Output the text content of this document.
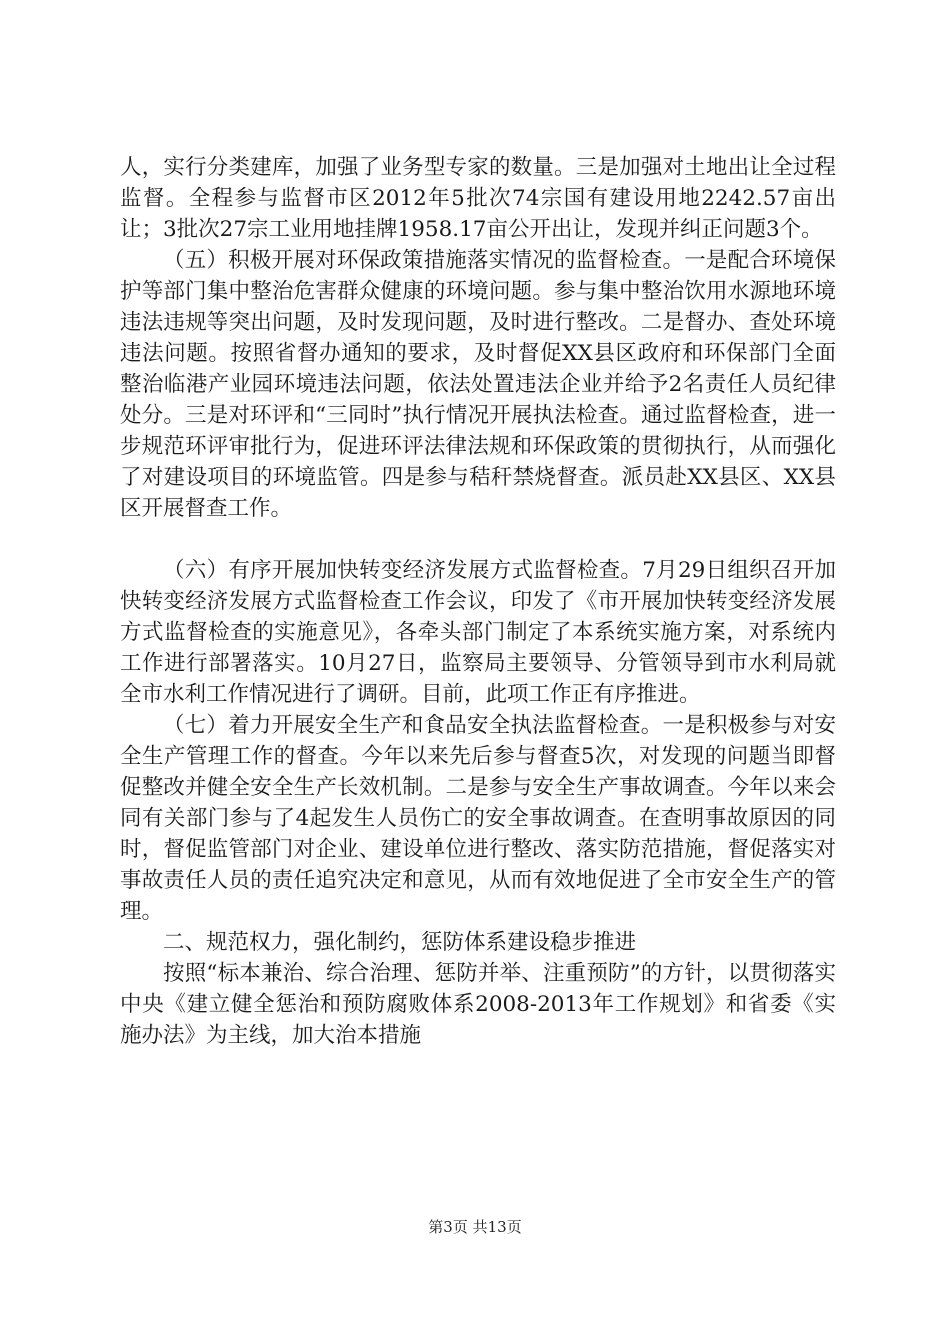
人，实行分类建库，加强了业务型专家的数量。三是加强对土地出让全过程监督。全程参与监督市区2012年5批次74宗国有建设用地2242.57亩出让；3批次27宗工业用地挂牌1958.17亩公开出让，发现并纠正问题3个。

（五）积极开展对环保政策措施落实情况的监督检查。一是配合环境保护等部门集中整治危害群众健康的环境问题。参与集中整治饮用水源地环境违法违规等突出问题，及时发现问题，及时进行整改。二是督办、查处环境违法问题。按照省督办通知的要求，及时督促XX县区政府和环保部门全面整治临港产业园环境违法问题，依法处置违法企业并给予2名责任人员纪律处分。三是对环评和“三同时”执行情况开展执法检查。通过监督检查，进一步规范环评审批行为，促进环评法律法规和环保政策的贯彻执行，从而强化了对建设项目的环境监管。四是参与秸秆禁烧督查。派员赴XX县区、XX县区开展督查工作。

（六）有序开展加快转变经济发展方式监督检查。7月29日组织召开加快转变经济发展方式监督检查工作会议，印发了《市开展加快转变经济发展方式监督检查的实施意见》，各牵头部门制定了本系统实施方案，对系统内工作进行部署落实。10月27日，监察局主要领导、分管领导到市水利局就全市水利工作情况进行了调研。目前，此项工作正有序推进。

（七）着力开展安全生产和食品安全执法监督检查。一是积极参与对安全生产管理工作的督查。今年以来先后参与督查5次，对发现的问题当即督促整改并健全安全生产长效机制。二是参与安全生产事故调查。今年以来会同有关部门参与了4起发生人员伤亡的安全事故调查。在查明事故原因的同时，督促监管部门对企业、建设单位进行整改、落实防范措施，督促落实对事故责任人员的责任追究决定和意见，从而有效地促进了全市安全生产的管理。

二、规范权力，强化制约，惩防体系建设稳步推进

按照“标本兼治、综合治理、惩防并举、注重预防”的方针，以贯彻落实中央《建立健全惩治和预防腐败体系2008-2013年工作规划》和省委《实施办法》为主线，加大治本措施

第3页 共13页
